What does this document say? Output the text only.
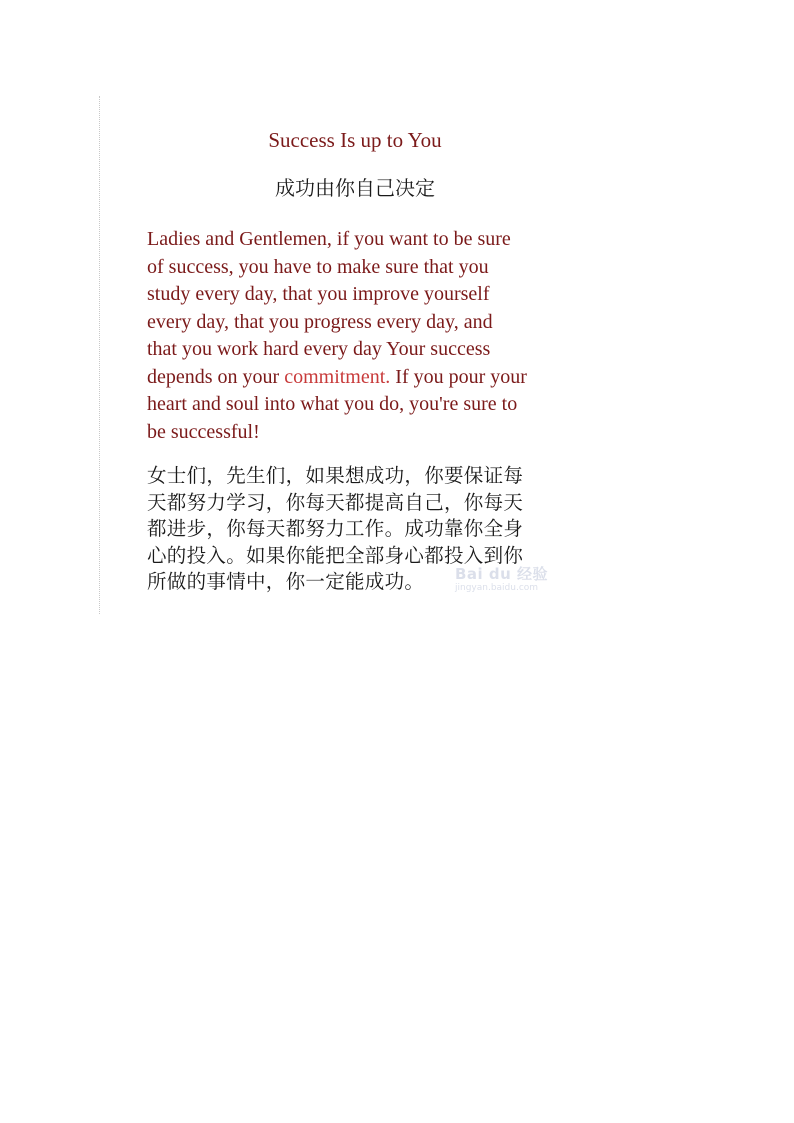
Success Is up to You
成功由你自己决定
Ladies and Gentlemen, if you want to be sure
of success, you have to make sure that you
study every day, that you improve yourself
every day, that you progress every day, and
that you work hard every day Your success
depends on your commitment. If you pour your
heart and soul into what you do, you're sure to
be successful!
女士们，先生们，如果想成功，你要保证每
天都努力学习，你每天都提高自己，你每天
都进步，你每天都努力工作。成功靠你全身
心的投入。如果你能把全部身心都投入到你
所做的事情中，你一定能成功。	Bai du 经验
jingyan.baidu.com
